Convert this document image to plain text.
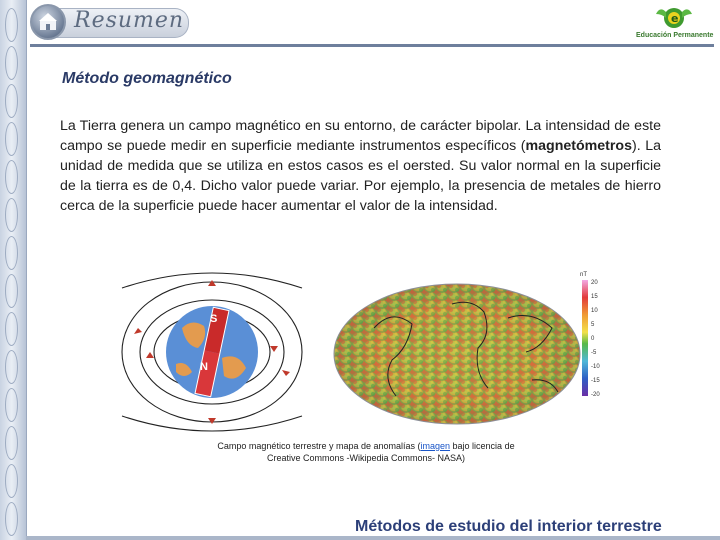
Resumen	e
Educación Permanente
Método geomagnético
La Tierra genera un campo magnético en su entorno, de carácter bipolar. La intensidad de este campo se puede medir en superficie mediante instrumentos específicos (magnetómetros). La unidad de medida que se utiliza en estos casos es el oersted. Su valor normal en la superficie de la tierra es de 0,4. Dicho valor puede variar. Por ejemplo, la presencia de metales de hierro cerca de la superficie puede hacer aumentar el valor de la intensidad.
S
N
nT
20
15
10
5
0
-5
-10
-15
-20
Campo magnético terrestre y mapa de anomalías (imagen bajo licencia de
Creative Commons -Wikipedia Commons- NASA)
Métodos de estudio del interior terrestre
